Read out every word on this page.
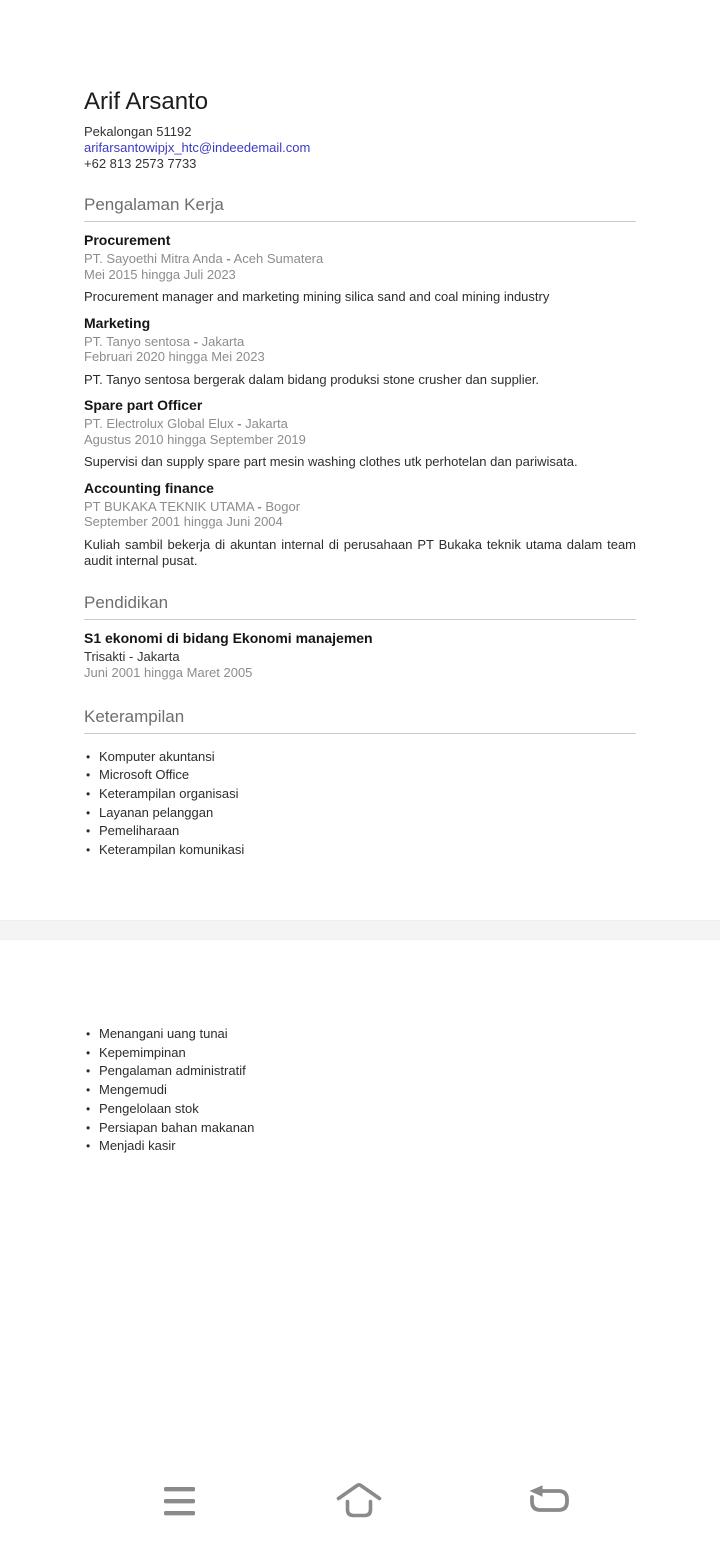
Arif Arsanto
Pekalongan 51192
arifarsantowipjx_htc@indeedemail.com
+62 813 2573 7733
Pengalaman Kerja
Procurement
PT. Sayoethi Mitra Anda - Aceh Sumatera
Mei 2015 hingga Juli 2023
Procurement manager and marketing mining silica sand and coal mining industry
Marketing
PT. Tanyo sentosa - Jakarta
Februari 2020 hingga Mei 2023
PT. Tanyo sentosa bergerak dalam bidang produksi stone crusher dan supplier.
Spare part Officer
PT. Electrolux Global Elux - Jakarta
Agustus 2010 hingga September 2019
Supervisi dan supply spare part mesin washing clothes utk perhotelan dan pariwisata.
Accounting finance
PT BUKAKA TEKNIK UTAMA - Bogor
September 2001 hingga Juni 2004
Kuliah sambil bekerja di akuntan internal di perusahaan PT Bukaka teknik utama dalam team audit internal pusat.
Pendidikan
S1 ekonomi di bidang Ekonomi manajemen
Trisakti - Jakarta
Juni 2001 hingga Maret 2005
Keterampilan
• Komputer akuntansi
• Microsoft Office
• Keterampilan organisasi
• Layanan pelanggan
• Pemeliharaan
• Keterampilan komunikasi
• Menangani uang tunai
• Kepemimpinan
• Pengalaman administratif
• Mengemudi
• Pengelolaan stok
• Persiapan bahan makanan
• Menjadi kasir
